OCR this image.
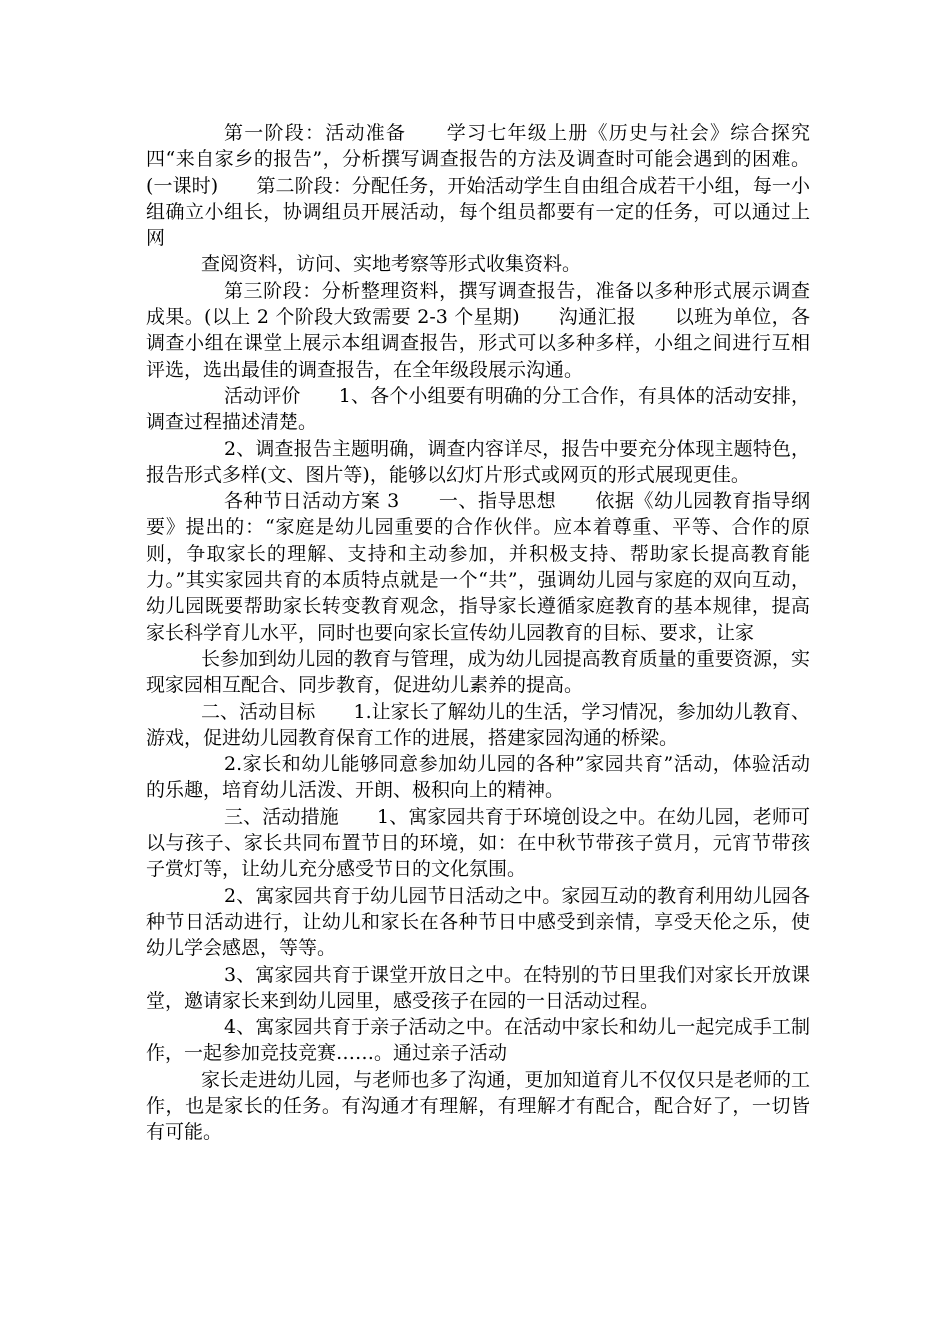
第一阶段：活动准备　　学习七年级上册《历史与社会》综合探究四“来自家乡的报告”，分析撰写调查报告的方法及调查时可能会遇到的困难。(一课时)　　第二阶段：分配任务，开始活动学生自由组合成若干小组，每一小组确立小组长，协调组员开展活动，每个组员都要有一定的任务，可以通过上网

查阅资料，访问、实地考察等形式收集资料。

第三阶段：分析整理资料，撰写调查报告，准备以多种形式展示调查成果。(以上 2 个阶段大致需要 2-3 个星期)　　沟通汇报　　以班为单位，各调查小组在课堂上展示本组调查报告，形式可以多种多样，小组之间进行互相评选，选出最佳的调查报告，在全年级段展示沟通。

活动评价　　1、各个小组要有明确的分工合作，有具体的活动安排，调查过程描述清楚。

2、调查报告主题明确，调查内容详尽，报告中要充分体现主题特色，报告形式多样(文、图片等)，能够以幻灯片形式或网页的形式展现更佳。

各种节日活动方案 3　　一、指导思想　　依据《幼儿园教育指导纲要》提出的：“家庭是幼儿园重要的合作伙伴。应本着尊重、平等、合作的原则，争取家长的理解、支持和主动参加，并积极支持、帮助家长提高教育能力。”其实家园共育的本质特点就是一个“共”，强调幼儿园与家庭的双向互动，幼儿园既要帮助家长转变教育观念，指导家长遵循家庭教育的基本规律，提高家长科学育儿水平，同时也要向家长宣传幼儿园教育的目标、要求，让家

长参加到幼儿园的教育与管理，成为幼儿园提高教育质量的重要资源，实现家园相互配合、同步教育，促进幼儿素养的提高。

二、活动目标　　1.让家长了解幼儿的生活，学习情况，参加幼儿教育、游戏，促进幼儿园教育保育工作的进展，搭建家园沟通的桥梁。

2.家长和幼儿能够同意参加幼儿园的各种”家园共育”活动，体验活动的乐趣，培育幼儿活泼、开朗、极积向上的精神。

三、活动措施　　1、寓家园共育于环境创设之中。在幼儿园，老师可以与孩子、家长共同布置节日的环境，如：在中秋节带孩子赏月，元宵节带孩子赏灯等，让幼儿充分感受节日的文化氛围。

2、寓家园共育于幼儿园节日活动之中。家园互动的教育利用幼儿园各种节日活动进行，让幼儿和家长在各种节日中感受到亲情，享受天伦之乐，使幼儿学会感恩，等等。

3、寓家园共育于课堂开放日之中。在特别的节日里我们对家长开放课堂，邀请家长来到幼儿园里，感受孩子在园的一日活动过程。

4、寓家园共育于亲子活动之中。在活动中家长和幼儿一起完成手工制作，一起参加竞技竞赛……。通过亲子活动

家长走进幼儿园，与老师也多了沟通，更加知道育儿不仅仅只是老师的工作，也是家长的任务。有沟通才有理解，有理解才有配合，配合好了，一切皆有可能。
